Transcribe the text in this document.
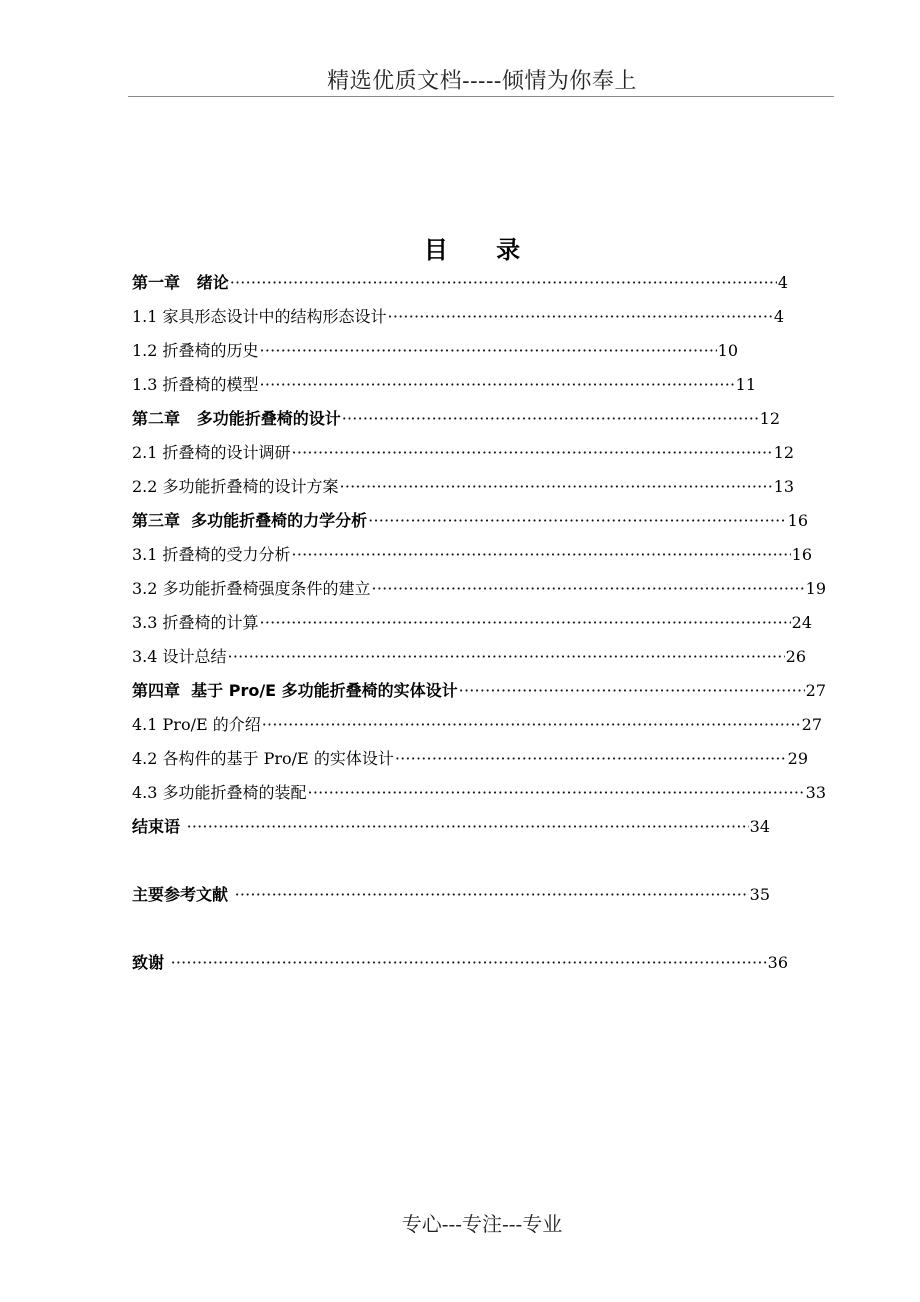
精选优质文档-----倾情为你奉上
目 录
第一章   绪论 ·····	4
1.1 家具形态设计中的结构形态设计 ·····	4
1.2 折叠椅的历史 ·····	10
1.3 折叠椅的模型 ·····	11
第二章   多功能折叠椅的设计 ·····	12
2.1 折叠椅的设计调研 ·····	12
2.2 多功能折叠椅的设计方案 ·····	13
第三章  多功能折叠椅的力学分析 ·····	16
3.1 折叠椅的受力分析 ·····	16
3.2 多功能折叠椅强度条件的建立 ·····	19
3.3 折叠椅的计算 ·····	24
3.4 设计总结 ·····	26
第四章  基于 Pro/E 多功能折叠椅的实体设计 ·····	27
4.1 Pro/E 的介绍 ·····	27
4.2 各构件的基于 Pro/E 的实体设计 ·····	29
4.3 多功能折叠椅的装配 ·····	33
结束语 ·····	34
主要参考文献 ·····	35
致谢 ·····	36
专心---专注---专业
